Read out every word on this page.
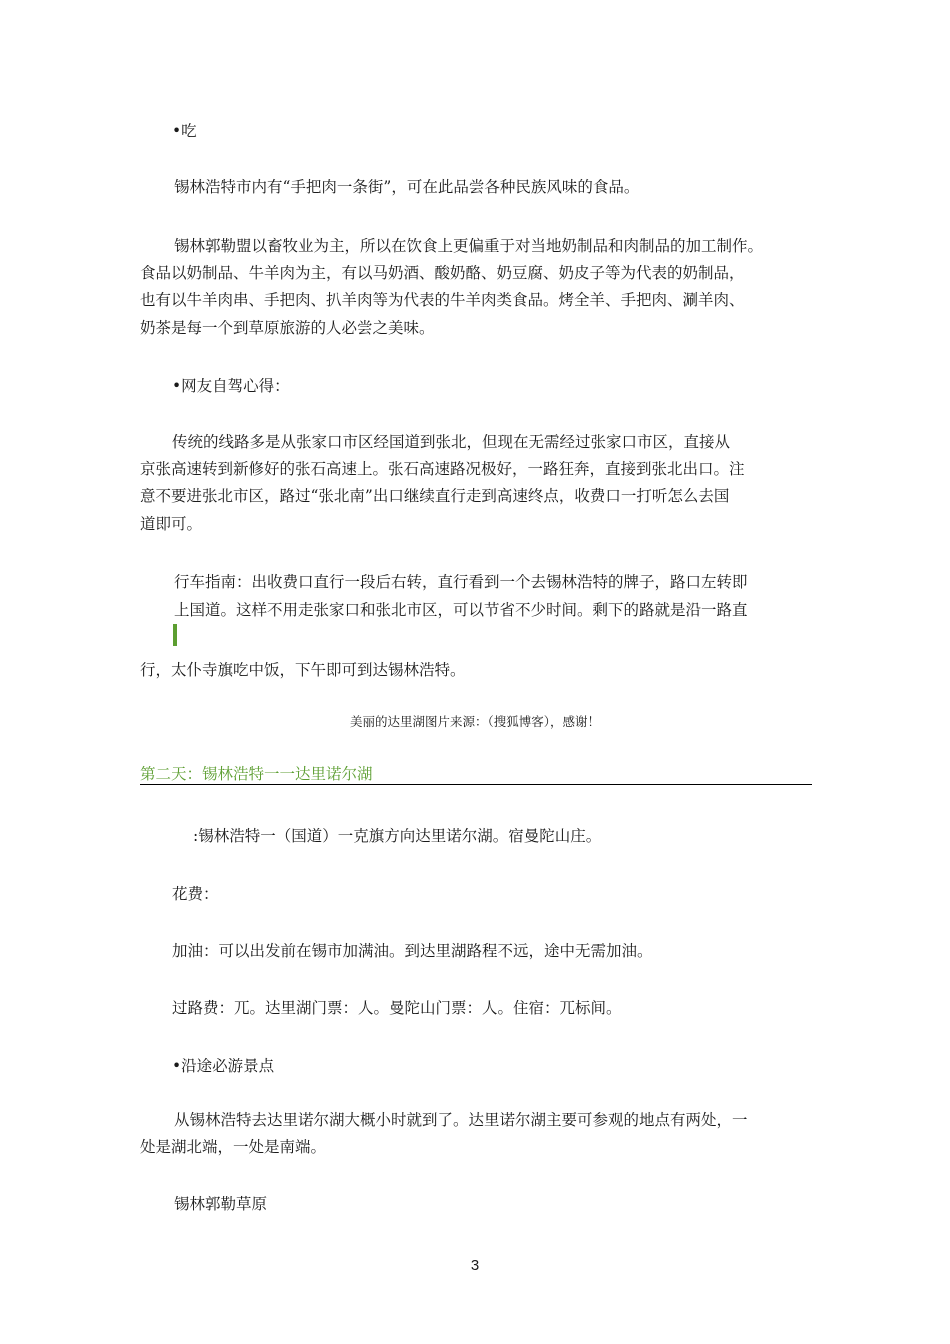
•吃
锡林浩特市内有“手把肉一条街”，可在此品尝各种民族风味的食品。
锡林郭勒盟以畜牧业为主，所以在饮食上更偏重于对当地奶制品和肉制品的加工制作。
食品以奶制品、牛羊肉为主，有以马奶酒、酸奶酪、奶豆腐、奶皮子等为代表的奶制品，
也有以牛羊肉串、手把肉、扒羊肉等为代表的牛羊肉类食品。烤全羊、手把肉、涮羊肉、
奶茶是每一个到草原旅游的人必尝之美味。
•网友自驾心得：
传统的线路多是从张家口市区经国道到张北，但现在无需经过张家口市区，直接从
京张高速转到新修好的张石高速上。张石高速路况极好，一路狂奔，直接到张北出口。注
意不要进张北市区，路过“张北南”出口继续直行走到高速终点，收费口一打听怎么去国
道即可。
行车指南：出收费口直行一段后右转，直行看到一个去锡林浩特的牌子，路口左转即
上国道。这样不用走张家口和张北市区，可以节省不少时间。剩下的路就是沿一路直
行，太仆寺旗吃中饭，下午即可到达锡林浩特。
美丽的达里湖图片来源：（搜狐博客），感谢！
第二天：锡林浩特一一达里诺尔湖
:锡林浩特一（国道）一克旗方向达里诺尔湖。宿曼陀山庄。
花费：
加油：可以出发前在锡市加满油。到达里湖路程不远，途中无需加油。
过路费：兀。达里湖门票：人。曼陀山门票：人。住宿：兀标间。
•沿途必游景点
从锡林浩特去达里诺尔湖大概小时就到了。达里诺尔湖主要可参观的地点有两处，一
处是湖北端，一处是南端。
锡林郭勒草原
3
